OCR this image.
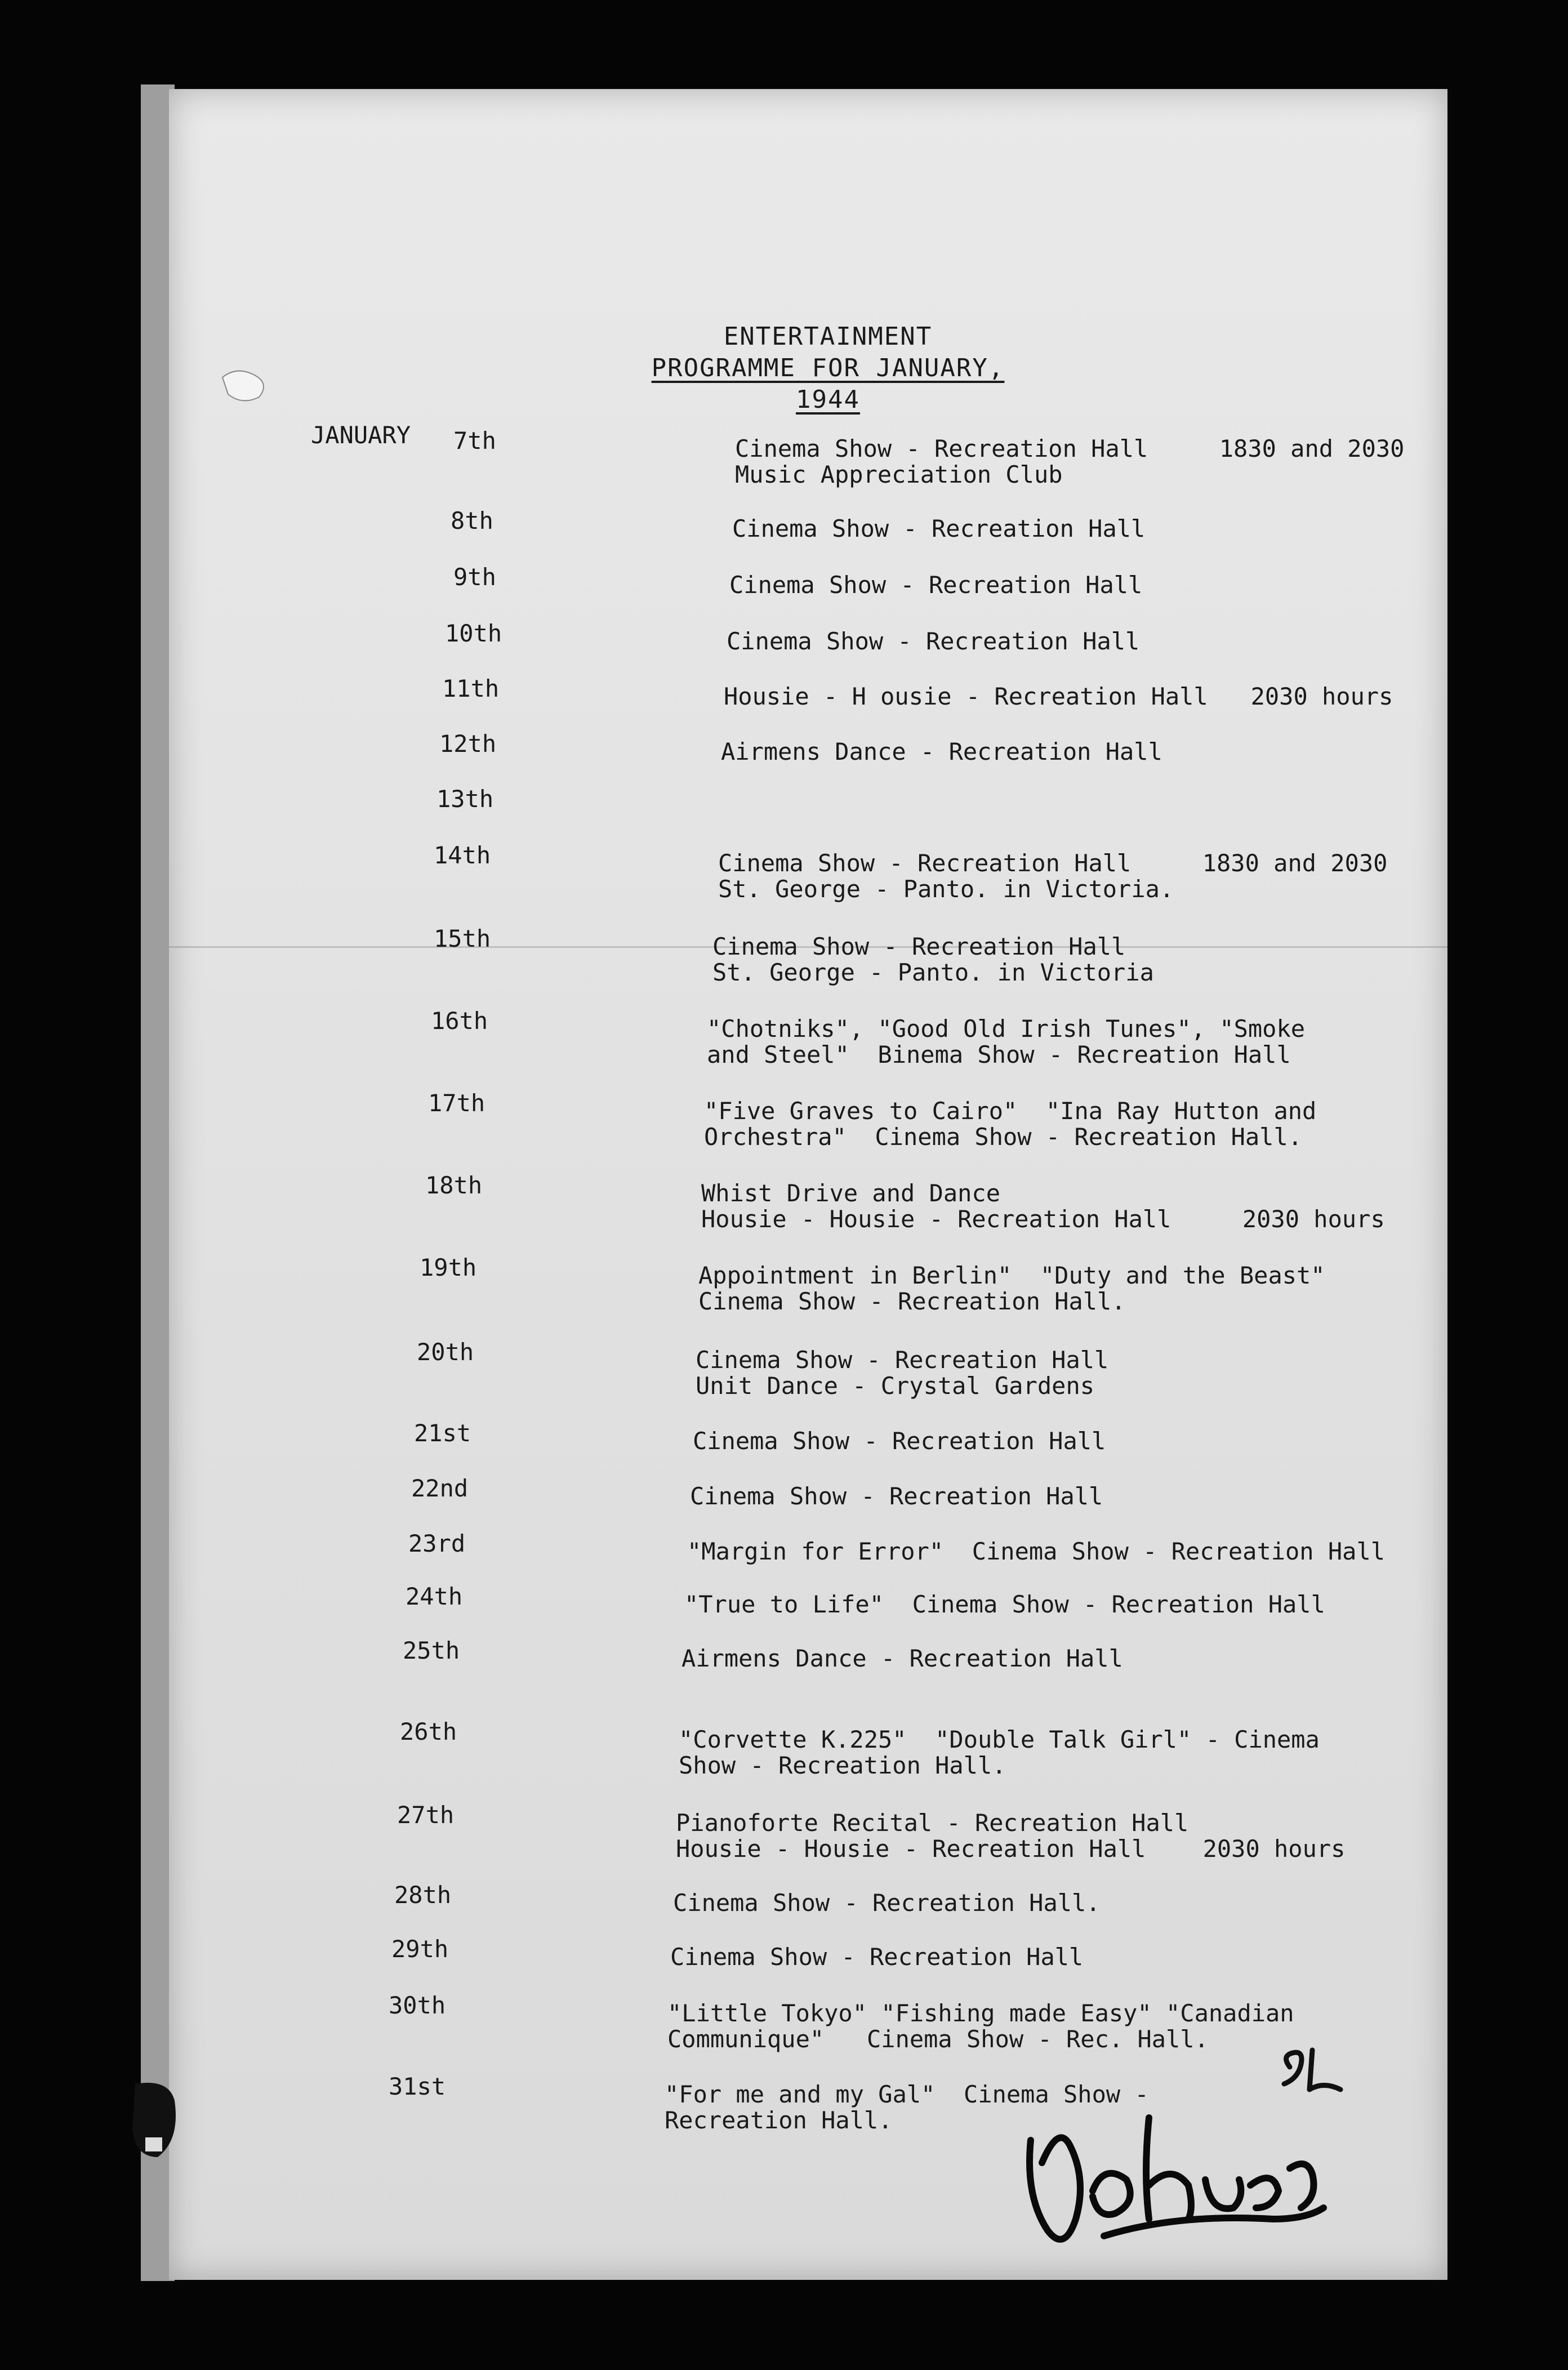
ENTERTAINMENT
PROGRAMME FOR JANUARY, 1944
JANUARY 7th	Cinema Show - Recreation Hall     1830 and 2030
Music Appreciation Club
8th	Cinema Show - Recreation Hall
9th	Cinema Show - Recreation Hall
10th	Cinema Show - Recreation Hall
11th	Housie - H ousie - Recreation Hall   2030 hours
12th	Airmens Dance - Recreation Hall
13th
14th	Cinema Show - Recreation Hall     1830 and 2030
St. George - Panto. in Victoria.
15th	Cinema Show - Recreation Hall
St. George - Panto. in Victoria
16th	"Chotniks", "Good Old Irish Tunes", "Smoke
and Steel"  Binema Show - Recreation Hall
17th	"Five Graves to Cairo"  "Ina Ray Hutton and
Orchestra"  Cinema Show - Recreation Hall.
18th	Whist Drive and Dance
Housie - Housie - Recreation Hall     2030 hours
19th	Appointment in Berlin"  "Duty and the Beast"
Cinema Show - Recreation Hall.
20th	Cinema Show - Recreation Hall
Unit Dance - Crystal Gardens
21st	Cinema Show - Recreation Hall
22nd	Cinema Show - Recreation Hall
23rd	"Margin for Error"  Cinema Show - Recreation Hall
24th	"True to Life"  Cinema Show - Recreation Hall
25th	Airmens Dance - Recreation Hall
26th	"Corvette K.225"  "Double Talk Girl" - Cinema
Show - Recreation Hall.
27th	Pianoforte Recital - Recreation Hall
Housie - Housie - Recreation Hall    2030 hours
28th	Cinema Show - Recreation Hall.
29th	Cinema Show - Recreation Hall
30th	"Little Tokyo" "Fishing made Easy" "Canadian
Communique"   Cinema Show - Rec. Hall.
31st	"For me and my Gal"  Cinema Show -
Recreation Hall.
